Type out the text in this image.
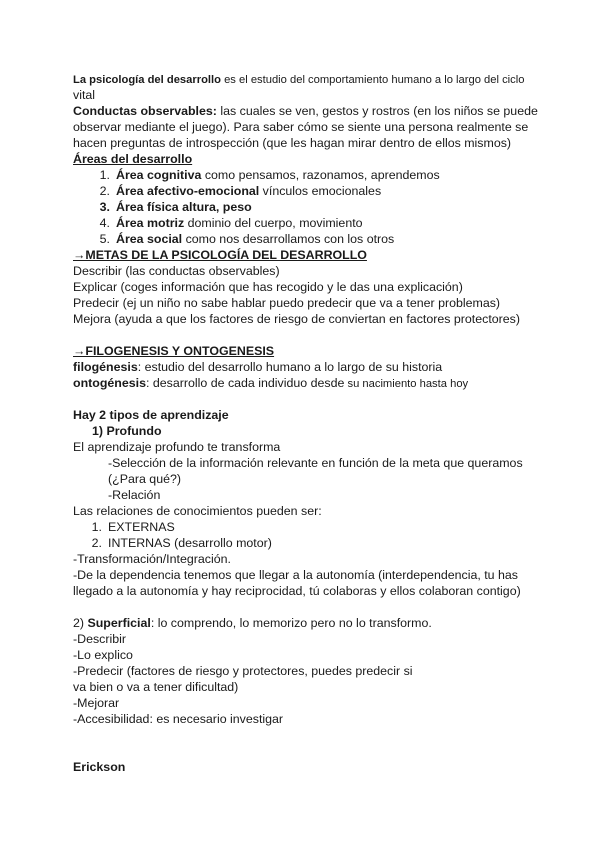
La psicología del desarrollo es el estudio del comportamiento humano a lo largo del ciclo
vital
Conductas observables: las cuales se ven, gestos y rostros (en los niños se puede
observar mediante el juego). Para saber cómo se siente una persona realmente se
hacen preguntas de introspección (que les hagan mirar dentro de ellos mismos)
Áreas del desarrollo
1. Área cognitiva como pensamos, razonamos, aprendemos
2. Área afectivo-emocional vínculos emocionales
3. Área física altura, peso
4. Área motriz dominio del cuerpo, movimiento
5. Área social como nos desarrollamos con los otros
→METAS DE LA PSICOLOGÍA DEL DESARROLLO
Describir (las conductas observables)
Explicar (coges información que has recogido y le das una explicación)
Predecir (ej un niño no sabe hablar puedo predecir que va a tener problemas)
Mejora (ayuda a que los factores de riesgo de conviertan en factores protectores)
→FILOGENESIS Y ONTOGENESIS
filogénesis: estudio del desarrollo humano a lo largo de su historia
ontogénesis: desarrollo de cada individuo desde su nacimiento hasta hoy
Hay 2 tipos de aprendizaje
1) Profundo
El aprendizaje profundo te transforma
-Selección de la información relevante en función de la meta que queramos
(¿Para qué?)
-Relación
Las relaciones de conocimientos pueden ser:
1. EXTERNAS
2. INTERNAS (desarrollo motor)
-Transformación/Integración.
-De la dependencia tenemos que llegar a la autonomía (interdependencia, tu has
llegado a la autonomía y hay reciprocidad, tú colaboras y ellos colaboran contigo)
2) Superficial: lo comprendo, lo memorizo pero no lo transformo.
-Describir
-Lo explico
-Predecir (factores de riesgo y protectores, puedes predecir si
va bien o va a tener dificultad)
-Mejorar
-Accesibilidad: es necesario investigar
Erickson
